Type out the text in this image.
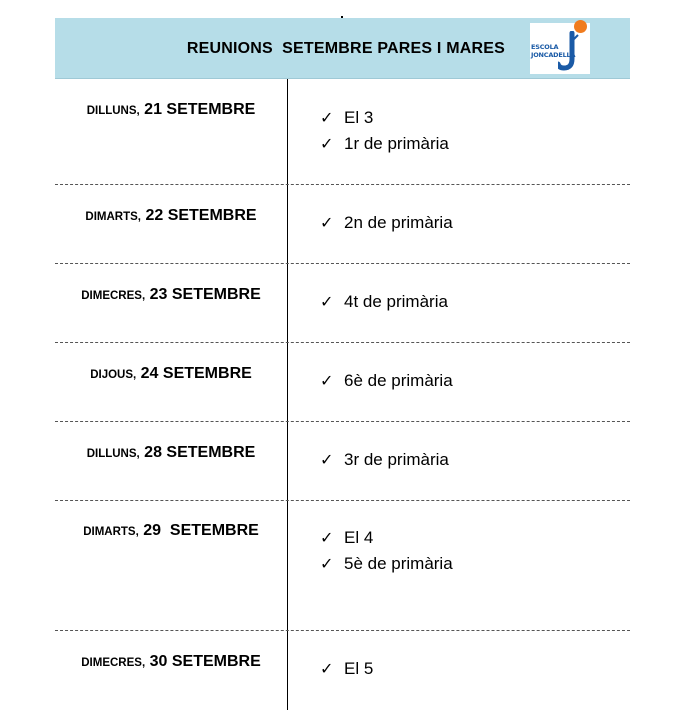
REUNIONS  SETEMBRE PARES I MARES	ESCOLA
JONCADELLA
DILLUNS, 21 SETEMBRE	✓ El 3
✓ 1r de primària
DIMARTS, 22 SETEMBRE	✓ 2n de primària
DIMECRES, 23 SETEMBRE	✓ 4t de primària
DIJOUS, 24 SETEMBRE	✓ 6è de primària
DILLUNS, 28 SETEMBRE	✓ 3r de primària
DIMARTS, 29  SETEMBRE	✓ El 4
✓ 5è de primària
DIMECRES, 30 SETEMBRE	✓ El 5
